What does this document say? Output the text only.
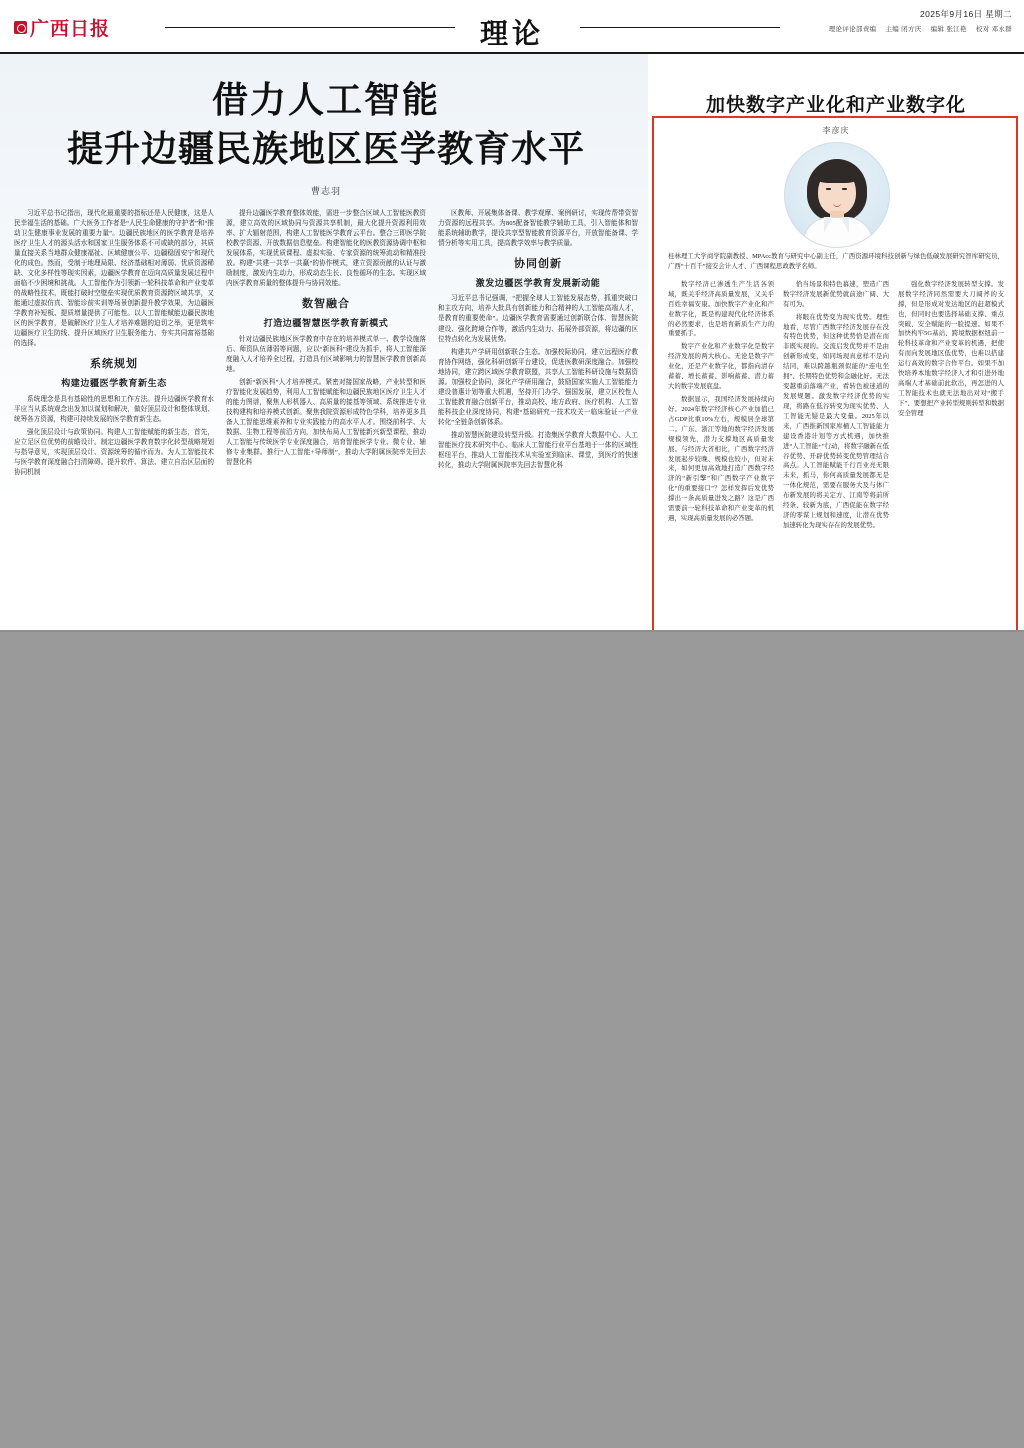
广西日报	理论
2025年9月16日 星期二
理论评论部责编 主编 闭方庆 编辑 张江艳 校对 邓永群
借力人工智能
提升边疆民族地区医学教育水平
曹志羽

习近平总书记指出，现代化最重要的指标还是人民健康，这是人民幸福生活的基础。广大医务工作者是“人民生命健康的守护者”和“推动卫生健康事业发展的重要力量”。边疆民族地区的医学教育是培养医疗卫生人才的源头活水和国家卫生服务体系不可或缺的部分，其质量直接关系当地群众健康福祉、区域健康公平、边疆稳固安宁和现代化的成色。然而，受制于地理局限、经济基础相对薄弱、优质资源稀缺、文化多样性等现实因素，边疆医学教育在迈向高质量发展过程中面临不少困境和挑战。人工智能作为引领新一轮科技革命和产业变革的战略性技术，既能打破时空壁垒实现优质教育资源跨区域共享，又能通过虚拟仿真、智能诊前实训等场景创新提升教学效果，为边疆医学教育补短板、提质增量提供了可能性。以人工智能赋能边疆民族地区的医学教育，是破解医疗卫生人才培养难题的迫切之举，更是筑牢边疆医疗卫生防线、提升区域医疗卫生服务能力、夯实共同富裕基础的选择。

系统规划
构建边疆医学教育新生态

系统理念是具有基础性的思想和工作方法。提升边疆医学教育水平应当从系统观念出发加以谋划和解决，做好顶层设计和整体规划、统筹各方资源，构建可持续发展的医学教育新生态。

强化顶层设计与政策协同。构建人工智能赋能的新生态，首先，应立足区位优势的前瞻设计。制定边疆医学教育数字化转型战略规划与指导意见，实现顶层设计、资源统筹的循序而为。为人工智能技术与医学教育深度融合扫清障碍。提升软件、算法、建立自治区层面的协同机制

提升边疆医学教育整体效能，需进一步整合区域人工智能医教资源，建立高效的区域协同与资源共享机制，最大化提升资源利用效率、扩大辐射范围，构建人工智能医学教育云平台。整合三即医学院校教学资源、开放数据信息壁垒。构建智能化的医教资源协调中枢和发展体系，实现优质课程、虚拟实验、专家资源的统筹流动和精准投放。构建“共建一共享一共赢”的协作模式，建立资源贡献的认证与激励制度，激发内生动力，形成动态生长、良性循环的生态。实现区域内医学教育质量的整体提升与协同效能。

数智融合
打造边疆智慧医学教育新模式

针对边疆民族地区医学教育中存在的培养模式单一、教学设施落后、师资队伍薄弱等问题，应以“新医科”建设为抓手，将人工智能深度融入人才培养全过程，打造具有区域影响力的智慧医学教育创新高地。

创新“新医科”人才培养模式。紧密对接国家战略，产业转型和医疗智能化发展趋势，利用人工智能赋能和边疆民族地区医疗卫生人才的能力图谱，聚焦人形机器人、高质量的接基等领域、系统推进专业技构建构和培养模式创新。聚焦我院资源形成特色学科，培养更多具备人工智能思维素养和专业实践能力的高水平人才。围绕前科学、大数据、生物工程等前沿方向，加快布局人工智能新兴新型课程，推动人工智能与传统医学专业深度融合，培育智能医学专业、微专业、辅修专业集群。推行“人工智能+导师制”，推动大学附属医院率先回去智慧化科

区教师、开展集体备课、教学观摩、案例研讨，实现传帮带资智力资源的远程共享。为805配备智能教学辅助工具，引入智能体和智能系统辅助教学，提设共享型智能教育资源平台，开放智能备课、学情分析等实用工具，提高教学效率与教学质量。

协同创新
激发边疆医学教育发展新动能

习近平总书记强调，“把握全球人工智能发展态势，抓重突破口和主攻方向，培养大批具有创新能力和合精神的人工智能高端人才，是教育的重要使命”。边疆医学教育需要通过创新联合体、智慧医院建设、强化跨境合作等，激活内生动力、拓展外部资源，将边疆的区位特点转化为发展优势。

构建共产学研用创新联合生态。加强校际协同，建立远程医疗教育协作网络，强化科研创新平台建设，促进医教研深度融合。加强校地协同，建立跨区域医学教育联盟，共享人工智能科研设施与数据资源。加强校企协同，深化产学研用融合，鼓励国家实施人工智能能力建设普惠计划等重大机遇，坚持开门办学、强国发展，建立区校性人工智能教育融合创新平台，推动高校、地方政府、医疗机构、人工智能科技企业深度协同，构建“基础研究一技术攻关一临床验证一产业转化”全链条创新体系。

推动智慧医院建设转型升级。打造集医学教育大数据中心、人工智能医疗技术研究中心、临床人工智能行业平台基地于一体的区域性枢纽平台，推动人工智能技术从实验室到临床、课堂，到医疗的快速转化，推动大学附属医院率先回去智慧化科

加快数字产业化和产业数字化
李彦庆
桂林理工大学商学院副教授、MPAcc教育与研究中心副主任，广西资源环境科技创新与绿色低碳发展研究智库研究员，广西“十百千”接安会计人才、广西课程思政教学名师。

数字经济已渗透生产生活各领域，既关乎经济高质量发展，又关乎百姓幸福安康。加快数字产业化和产业数字化，既是构建现代化经济体系的必然要求，也是培育新质生产力的重要抓手。

数字产业化和产业数字化是数字经济发展的两大核心。无论是数字产业化，还是产业数字化，都指向清存蓄蓄、增长蓄蓄、影响蓄蓄、潜力蓄大的数字发展底盘。

数据显示，我国经济发展持续向好。2024年数字经济核心产业加值已占GDP比重10%左右，规模居全球第二。广东、浙江等地的数字经济发展规模领先，潜力支撑地区高质量发展。与经济大省相比，广西数字经济发展起步较晚、规模也较小，但对未来，如何更加高效地打造广西数字经济的“新引擎”和广西数字产业数字化“的重要接口”？怎样发挥后发优势撑出一条高质量进发之路？这是广西需要前一轮科技革命和产业变革的机遇，实现高质量发展的必答题。

恰当场景和特色幕速，塑造广西数字经济发展新优势就前途广阔、大有可为。

将眼在优势变为现实优势。理性地看，尽管广西数字经济发展存在没有特色优势，但这种优势恰是潜在而非既实现的。交流启发优势并不是由创新形成变，如同场现真意样不是向结同，难以跨越瓶颈似能的“连电坐拥”、长期特色优势和金融化好。无法变越重前落端产业，看转色被迷道的发展规题。激发数字经济优势的实现，将路在低谷转变为现实优势、人工智能无疑是最大变量。2025年以来，广西推新国家库桶人工智能能力建设香港计划等方式机遇，加快推进“人工智能+”行动，将数字融新在低谷优势、开辟优势转变优势管理结合高点。人工智能赋能千行百业亮无限未来，抓马，你何高质量发展都无是一体化规范，需要在服务大及与体广布新发展的将关定方、江南等将前所经条、较新为底，广西促能在数字经济的零谋上规划和速度，让潜在优势加速转化为现实存在的发展优势。

强化数字经济发展转型支撑。发展数字经济同然需要大刀阔斧的支撑，但是形成对发达地区的赶超模式也，但同时也要选择基础支撑、重点突破、安全赋能的一脸提速。如果不加快构牢5G基站、跨境数据枢纽前一轮科技革命和产业变革的机遇，把使有而向发展地区低优势，也难以搭建运行高效的数字合作平台。如果不加快培养本地数字经济人才和引进外地高端人才基础前此软出，再怎进的人工智能技术也就无法地出对对“搬手下”、要想把产业转型规则转型和数据安全管理
